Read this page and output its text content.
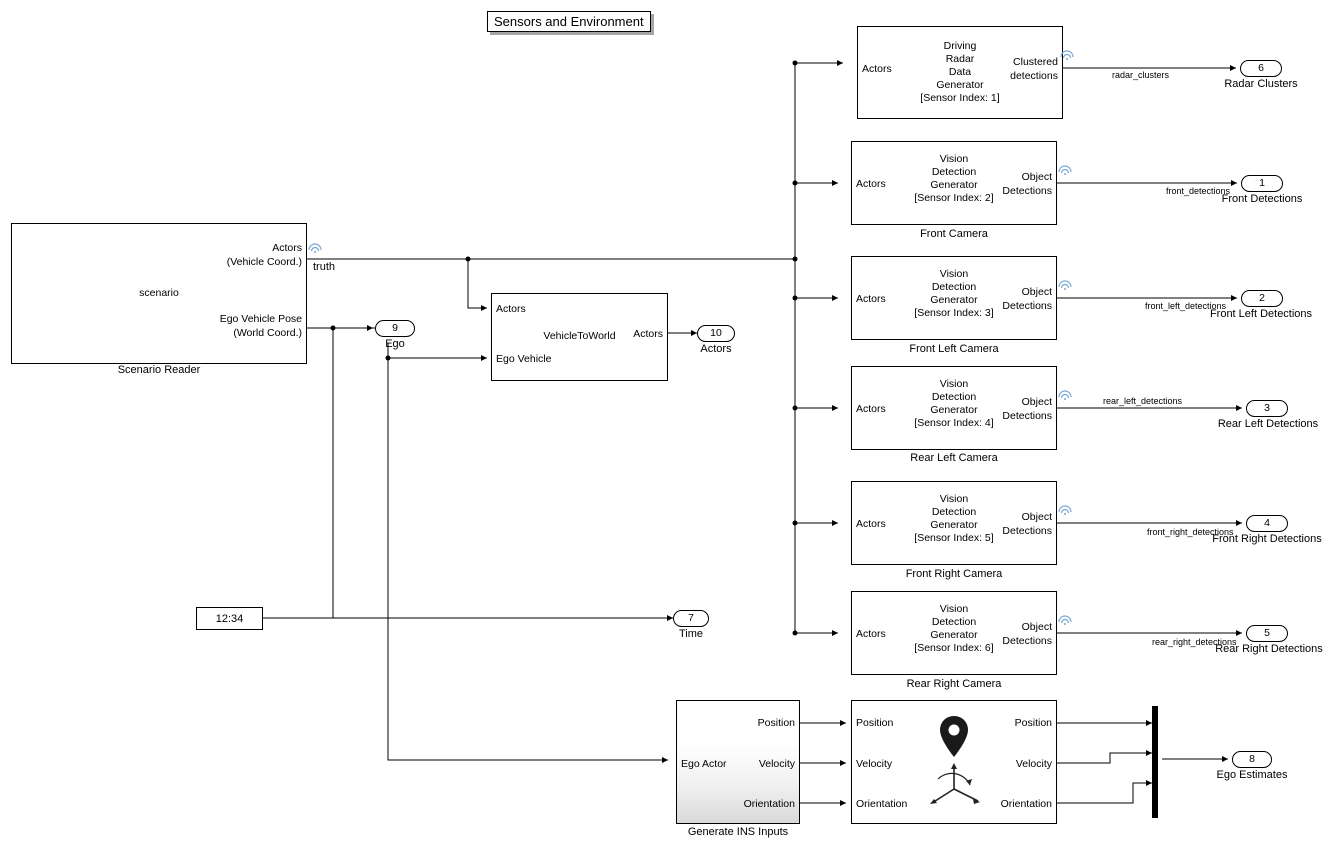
Sensors and Environment
scenario
Actors
(Vehicle Coord.)
Ego Vehicle Pose
(World Coord.)
Scenario Reader
truth
9
Ego
VehicleToWorld
Actors
Ego Vehicle
Actors	10
Actors
12:34	7
Time
Driving
Radar
Data
Generator
[Sensor Index: 1]
Actors
Clustered
detections	radar_clusters
6
Radar Clusters
Vision
Detection
Generator
[Sensor Index: 2]
Actors
Object
Detections
Front Camera
front_detections
1
Front Detections
Vision
Detection
Generator
[Sensor Index: 3]
Actors
Object
Detections
Front Left Camera
front_left_detections
2
Front Left Detections
Vision
Detection
Generator
[Sensor Index: 4]
Actors
Object
Detections
Rear Left Camera
rear_left_detections
3
Rear Left Detections
Vision
Detection
Generator
[Sensor Index: 5]
Actors
Object
Detections
Front Right Camera
front_right_detections
4
Front Right Detections
Vision
Detection
Generator
[Sensor Index: 6]
Actors
Object
Detections
Rear Right Camera
rear_right_detections
5
Rear Right Detections
Ego Actor
Position
Velocity
Orientation
Generate INS Inputs
Position
Velocity
Orientation
Position
Velocity
Orientation
8
Ego Estimates
